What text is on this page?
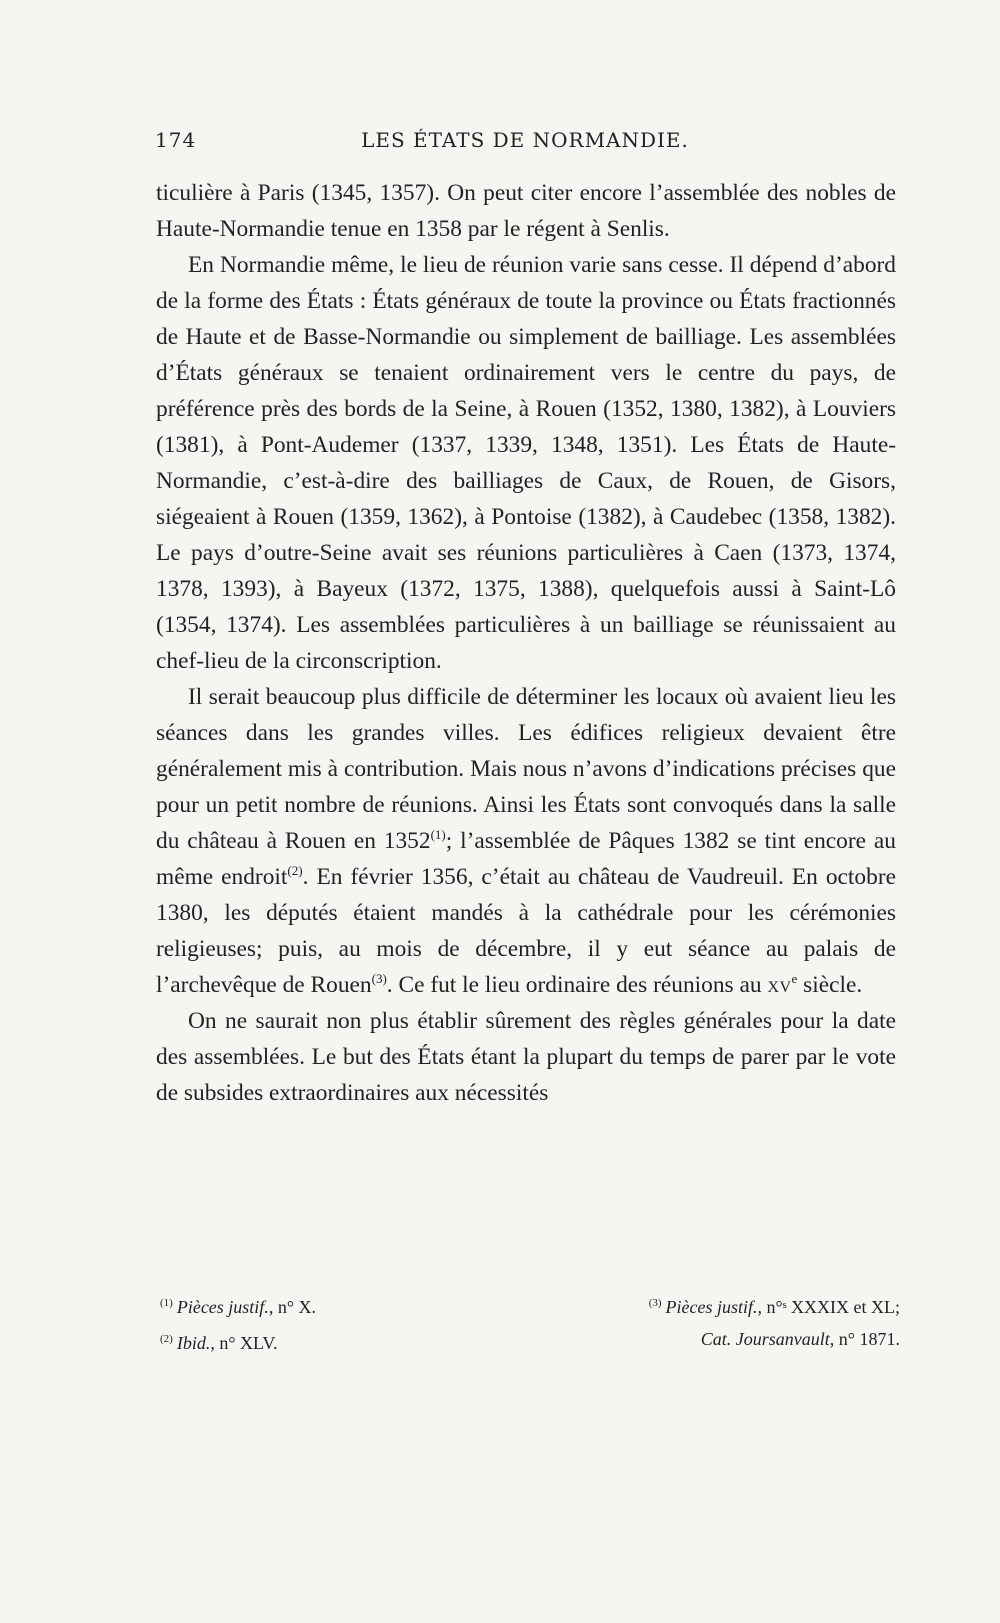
174	LES ÉTATS DE NORMANDIE.

ticulière à Paris (1345, 1357). On peut citer encore l’assemblée des nobles de Haute-Normandie tenue en 1358 par le régent à Senlis.

En Normandie même, le lieu de réunion varie sans cesse. Il dépend d’abord de la forme des États : États généraux de toute la province ou États fractionnés de Haute et de Basse-Normandie ou simplement de bailliage. Les assemblées d’États généraux se tenaient ordinairement vers le centre du pays, de préférence près des bords de la Seine, à Rouen (1352, 1380, 1382), à Louviers (1381), à Pont-Audemer (1337, 1339, 1348, 1351). Les États de Haute-Normandie, c’est-à-dire des bailliages de Caux, de Rouen, de Gisors, siégeaient à Rouen (1359, 1362), à Pontoise (1382), à Caudebec (1358, 1382). Le pays d’outre-Seine avait ses réunions particulières à Caen (1373, 1374, 1378, 1393), à Bayeux (1372, 1375, 1388), quelquefois aussi à Saint-Lô (1354, 1374). Les assemblées particulières à un bailliage se réunissaient au chef-lieu de la circonscription.

Il serait beaucoup plus difficile de déterminer les locaux où avaient lieu les séances dans les grandes villes. Les édifices religieux devaient être généralement mis à contribution. Mais nous n’avons d’indications précises que pour un petit nombre de réunions. Ainsi les États sont convoqués dans la salle du château à Rouen en 1352$^{(1)}$; l’assemblée de Pâques 1382 se tint encore au même endroit$^{(2)}$. En février 1356, c’était au château de Vaudreuil. En octobre 1380, les députés étaient mandés à la cathédrale pour les cérémonies religieuses; puis, au mois de décembre, il y eut séance au palais de l’archevêque de Rouen$^{(3)}$. Ce fut le lieu ordinaire des réunions au xv$^e$ siècle.

On ne saurait non plus établir sûrement des règles générales pour la date des assemblées. Le but des États étant la plupart du temps de parer par le vote de subsides extraordinaires aux nécessités

$^{(1)}$ Pièces justif., n° X.	$^{(3)}$ Pièces justif., n°ˢ XXXIX et XL;
$^{(2)}$ Ibid., n° XLV.	Cat. Joursanvault, n° 1871.
